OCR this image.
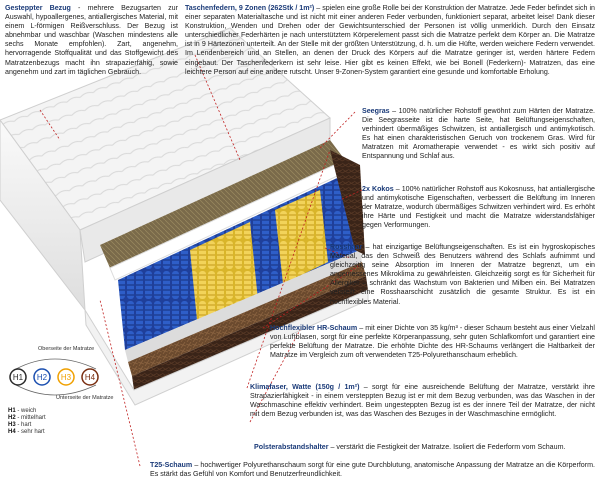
Gesteppter Bezug - mehrere Bezugsarten zur Auswahl, hypoallergenes, antiallergisches Material, mit einem L-förmigen Reißverschluss. Der Bezug ist abnehmbar und waschbar (Waschen mindestens alle sechs Monate empfohlen). Zart, angenehm, hervorragende Stoffqualität und das Stoffgewicht des Matratzenbezugs macht ihn strapazierfähig, sowie angenehm und zart im täglichen Gebrauch.
Taschenfedern, 9 Zonen (262Stk / 1m²) – spielen eine große Rolle bei der Konstruktion der Matratze. Jede Feder befindet sich in einer separaten Materialtasche und ist nicht mit einer anderen Feder verbunden, funktioniert separat, arbeitet leise! Dank dieser Konstruktion, Wenden und Drehen oder der Gewichtsunterschied der Personen ist völlig unmerklich. Durch den Einsatz unterschiedlicher Federhärten je nach unterstütztem Körperelement passt sich die Matratze perfekt dem Körper an. Die Matratze ist in 9 Härtezonen unterteilt. An der Stelle mit der größten Unterstützung, d. h. um die Hüfte, werden weichere Federn verwendet. Im Lendenbereich und an Stellen, an denen der Druck des Körpers auf die Matratze geringer ist, werden härtere Federn eingebaut. Der Taschenfederkern ist sehr leise. Hier gibt es keinen Effekt, wie bei Bonell (Federkern)- Matratzen, das eine leichtere Person auf eine andere rutscht. Unser 9-Zonen-System garantiert eine gesunde und komfortable Erholung.
Seegras – 100% natürlicher Rohstoff gewöhnt zum Härten der Matratze. Die Seegrasseite ist die harte Seite, hat Belüftungseigenschaften, verhindert übermäßiges Schwitzen, ist antiallergisch und antimykotisch. Es hat einen charakteristischen Geruch von trockenem Gras. Wird für Matratzen mit Aromatherapie verwendet - es wirkt sich positiv auf Entspannung und Schlaf aus.
2x Kokos – 100% natürlicher Rohstoff aus Kokosnuss, hat antiallergische und antimykotische Eigenschaften, verbessert die Belüftung im Inneren der Matratze, wodurch übermäßiges Schwitzen verhindert wird. Es erhöht ihre Härte und Festigkeit und macht die Matratze widerstandsfähiger gegen Verformungen.
Rosshaar – hat einzigartige Belüftungseigenschaften. Es ist ein hygroskopisches Material, das den Schweiß des Benutzers während des Schlafs aufnimmt und gleichzeitig seine Absorption im Inneren der Matratze begrenzt, um ein angemessenes Mikroklima zu gewährleisten. Gleichzeitig sorgt es für Sicherheit für Allergiker – schränkt das Wachstum von Bakterien und Milben ein. Bei Matratzen versteift eine Rosshaarschicht zusätzlich die gesamte Struktur. Es ist ein hochflexibles Material.
Hochflexibler HR-Schaum – mit einer Dichte von 35 kg/m³ - dieser Schaum besteht aus einer Vielzahl von Luftblasen, sorgt für eine perfekte Körperanpassung, sehr guten Schlafkomfort und garantiert eine perfekte Belüftung der Matratze. Die erhöhte Dichte des HR-Schaums verlängert die Haltbarkeit der Matratze im Vergleich zum oft verwendeten T25-Polyurethanschaum erheblich.
Klimafaser, Watte (150g / 1m²) – sorgt für eine ausreichende Belüftung der Matratze, verstärkt ihre Strapazierfähigkeit - in einem versteppten Bezug ist er mit dem Bezug verbunden, was das Waschen in der Waschmaschine effektiv verhindert. Beim ungesteppten Bezug ist es der innere Teil der Matratze, der nicht mit dem Bezug verbunden ist, was das Waschen des Bezuges in der Waschmaschine ermöglicht.
Polsterabstandshalter – verstärkt die Festigkeit der Matratze. Isoliert die Federform vom Schaum.
T25-Schaum – hochwertiger Polyurethanschaum sorgt für eine gute Durchblutung, anatomische Anpassung der Matratze an die Körperform. Es stärkt das Gefühl von Komfort und Benutzerfreundlichkeit.
H1 H2 H3 H4
Oberseite der Matratze
Unterseite der Matratze
H1 - weich
H2 - mittelhart
H3 - hart
H4 - sehr hart
